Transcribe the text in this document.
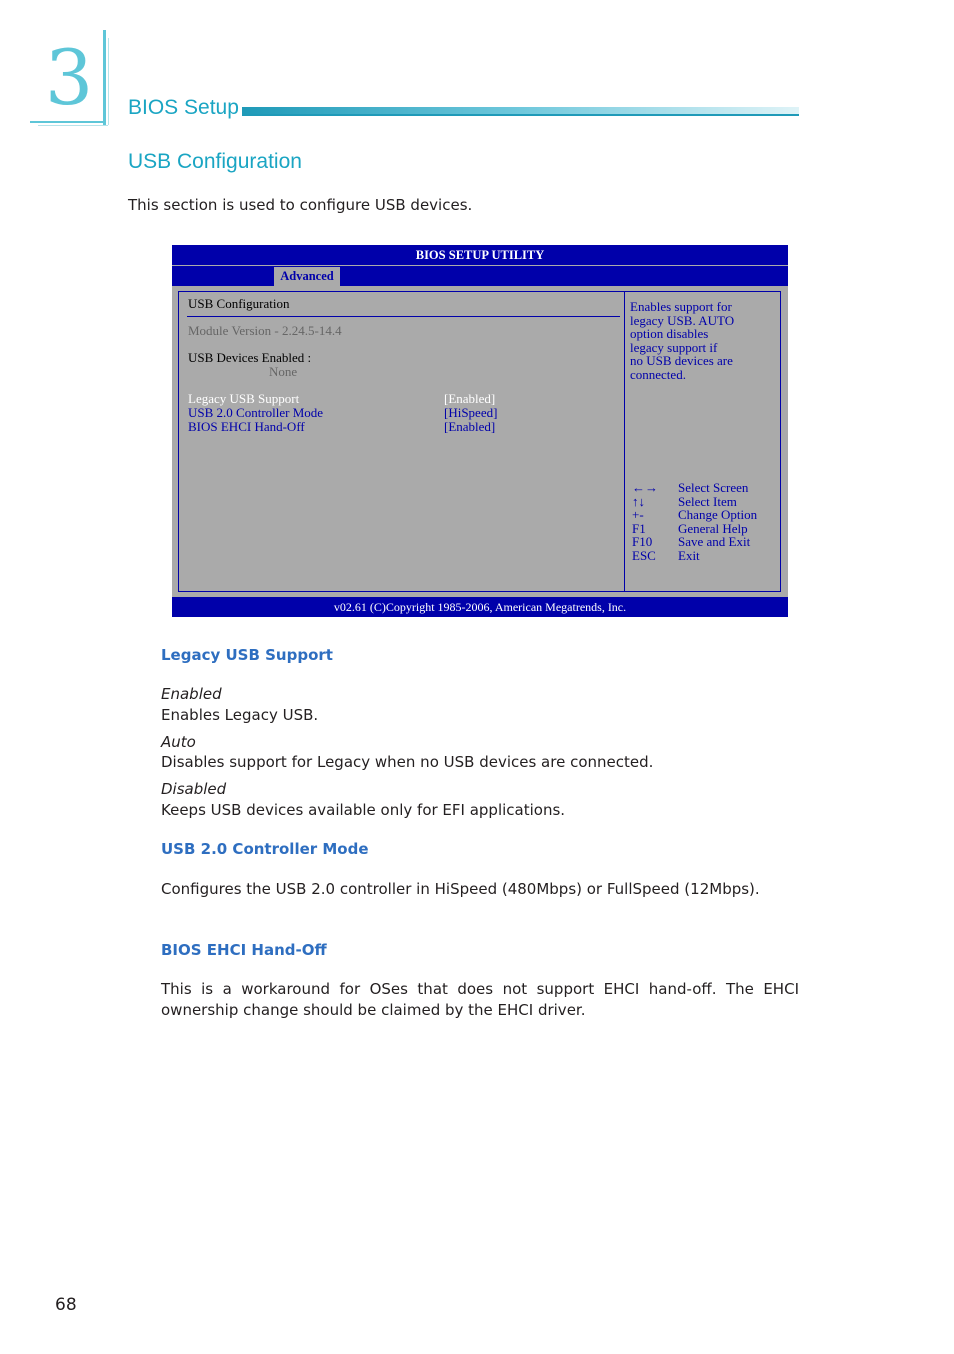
3	BIOS Setup
USB Configuration
This section is used to configure USB devices.
BIOS SETUP UTILITY
Advanced
USB Configuration
Module Version - 2.24.5-14.4
USB Devices Enabled :
None
Legacy USB Support	[Enabled]
USB 2.0 Controller Mode	[HiSpeed]
BIOS EHCI Hand-Off	[Enabled]
Enables support for
legacy USB. AUTO
option disables
legacy support if
no USB devices are
connected.
←→ Select Screen
↑↓	Select Item
+-	Change Option
F1 General Help
F10 Save and Exit
ESC Exit
v02.61 (C)Copyright 1985-2006, American Megatrends, Inc.
Legacy USB Support
Enabled
Enables Legacy USB.
Auto
Disables support for Legacy when no USB devices are connected.
Disabled
Keeps USB devices available only for EFI applications.
USB 2.0 Controller Mode
Configures the USB 2.0 controller in HiSpeed (480Mbps) or FullSpeed (12Mbps).
BIOS EHCI Hand-Off
This is a workaround for OSes that does not support EHCI hand-off. The EHCI ownership change should be claimed by the EHCI driver.
68
